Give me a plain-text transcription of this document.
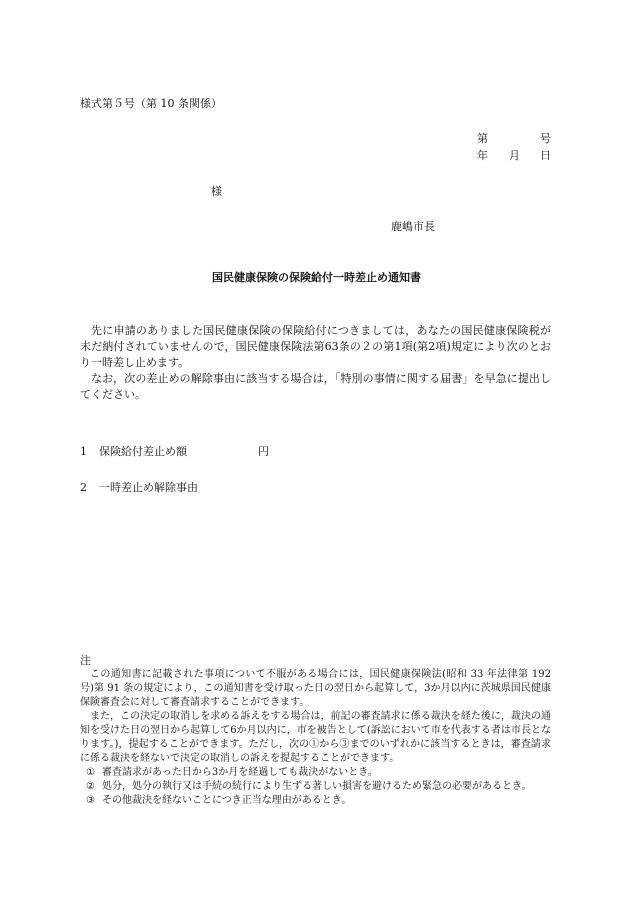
様式第５号（第 10 条関係）
第	号
年 月 日
様
鹿嶋市長
国民健康保険の保険給付一時差止め通知書

先に申請のありました国民健康保険の保険給付につきましては，あなたの国民健康保険税が未だ納付されていませんので，国民健康保険法第63条の２の第1項(第2項)規定により次のとおり一時差し止めます。

なお，次の差止めの解除事由に該当する場合は，「特別の事情に関する届書」を早急に提出してください。

1 保険給付差止め額	円
2 一時差止め解除事由
注

この通知書に記載された事項について不服がある場合には，国民健康保険法(昭和 33 年法律第 192 号)第 91 条の規定により，この通知書を受け取った日の翌日から起算して，3か月以内に茨城県国民健康保険審査会に対して審査請求することができます。

また，この決定の取消しを求める訴えをする場合は，前記の審査請求に係る裁決を経た後に，裁決の通知を受けた日の翌日から起算して6か月以内に，市を被告として(訴訟において市を代表する者は市長となります。)，提起することができます。ただし，次の①から③までのいずれかに該当するときは，審査請求に係る裁決を経ないで決定の取消しの訴えを提起することができます。

① 審査請求があった日から3か月を経過しても裁決がないとき。

② 処分，処分の執行又は手続の続行により生ずる著しい損害を避けるため緊急の必要があるとき。

③ その他裁決を経ないことにつき正当な理由があるとき。
